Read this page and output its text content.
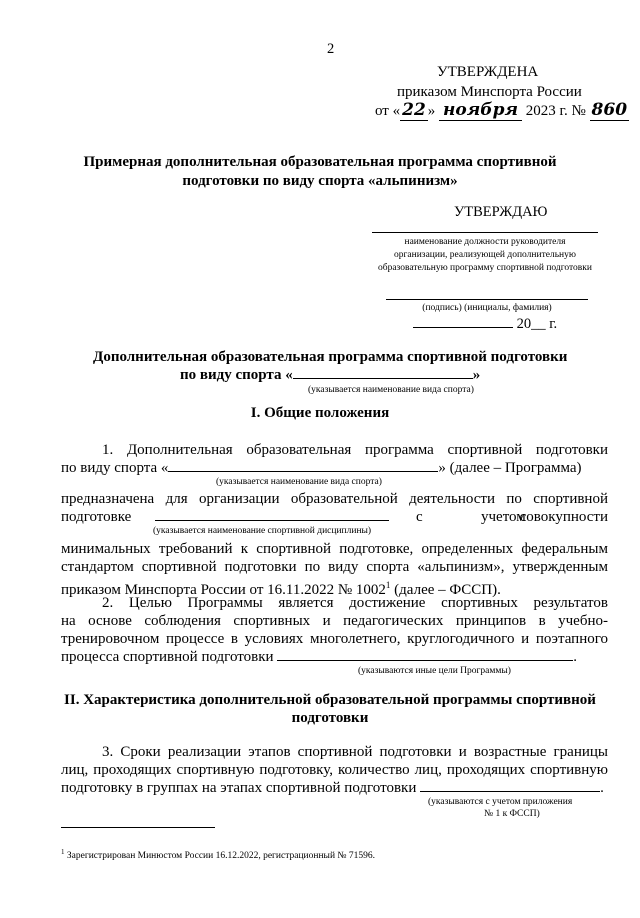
2
УТВЕРЖДЕНА
приказом Минспорта России
от « 22 » ноября 2023 г. № 860
Примерная дополнительная образовательная программа спортивной
подготовки по виду спорта «альпинизм»
УТВЕРЖДАЮ
наименование должности руководителя
организации, реализующей дополнительную
образовательную программу спортивной подготовки
(подпись) (инициалы, фамилия)
20__ г.
Дополнительная образовательная программа спортивной подготовки
по виду спорта «	»
(указывается наименование вида спорта)
I. Общие положения
1. Дополнительная образовательная программа спортивной подготовки
по виду спорта «	» (далее – Программа)
(указывается наименование вида спорта)
предназначена для организации образовательной деятельности по спортивной
подготовке	с	учетом
совокупности
(указывается наименование спортивной дисциплины)
минимальных требований к спортивной подготовке, определенных федеральным
стандартом спортивной подготовки по виду спорта «альпинизм», утвержденным
приказом Минспорта России от 16.11.2022 № 1002$^1$ (далее – ФССП).
2. Целью Программы является достижение спортивных результатов
на основе соблюдения спортивных и педагогических принципов в учебно-
тренировочном процессе в условиях многолетнего, круглогодичного и поэтапного
процесса спортивной подготовки	.
(указываются иные цели Программы)
II. Характеристика дополнительной образовательной программы спортивной
подготовки
3. Сроки реализации этапов спортивной подготовки и возрастные границы
лиц, проходящих спортивную подготовку, количество лиц, проходящих спортивную
подготовку в группах на этапах спортивной подготовки	.
(указываются с учетом приложения
№ 1 к ФССП)
$^1$ Зарегистрирован Минюстом России 16.12.2022, регистрационный № 71596.
